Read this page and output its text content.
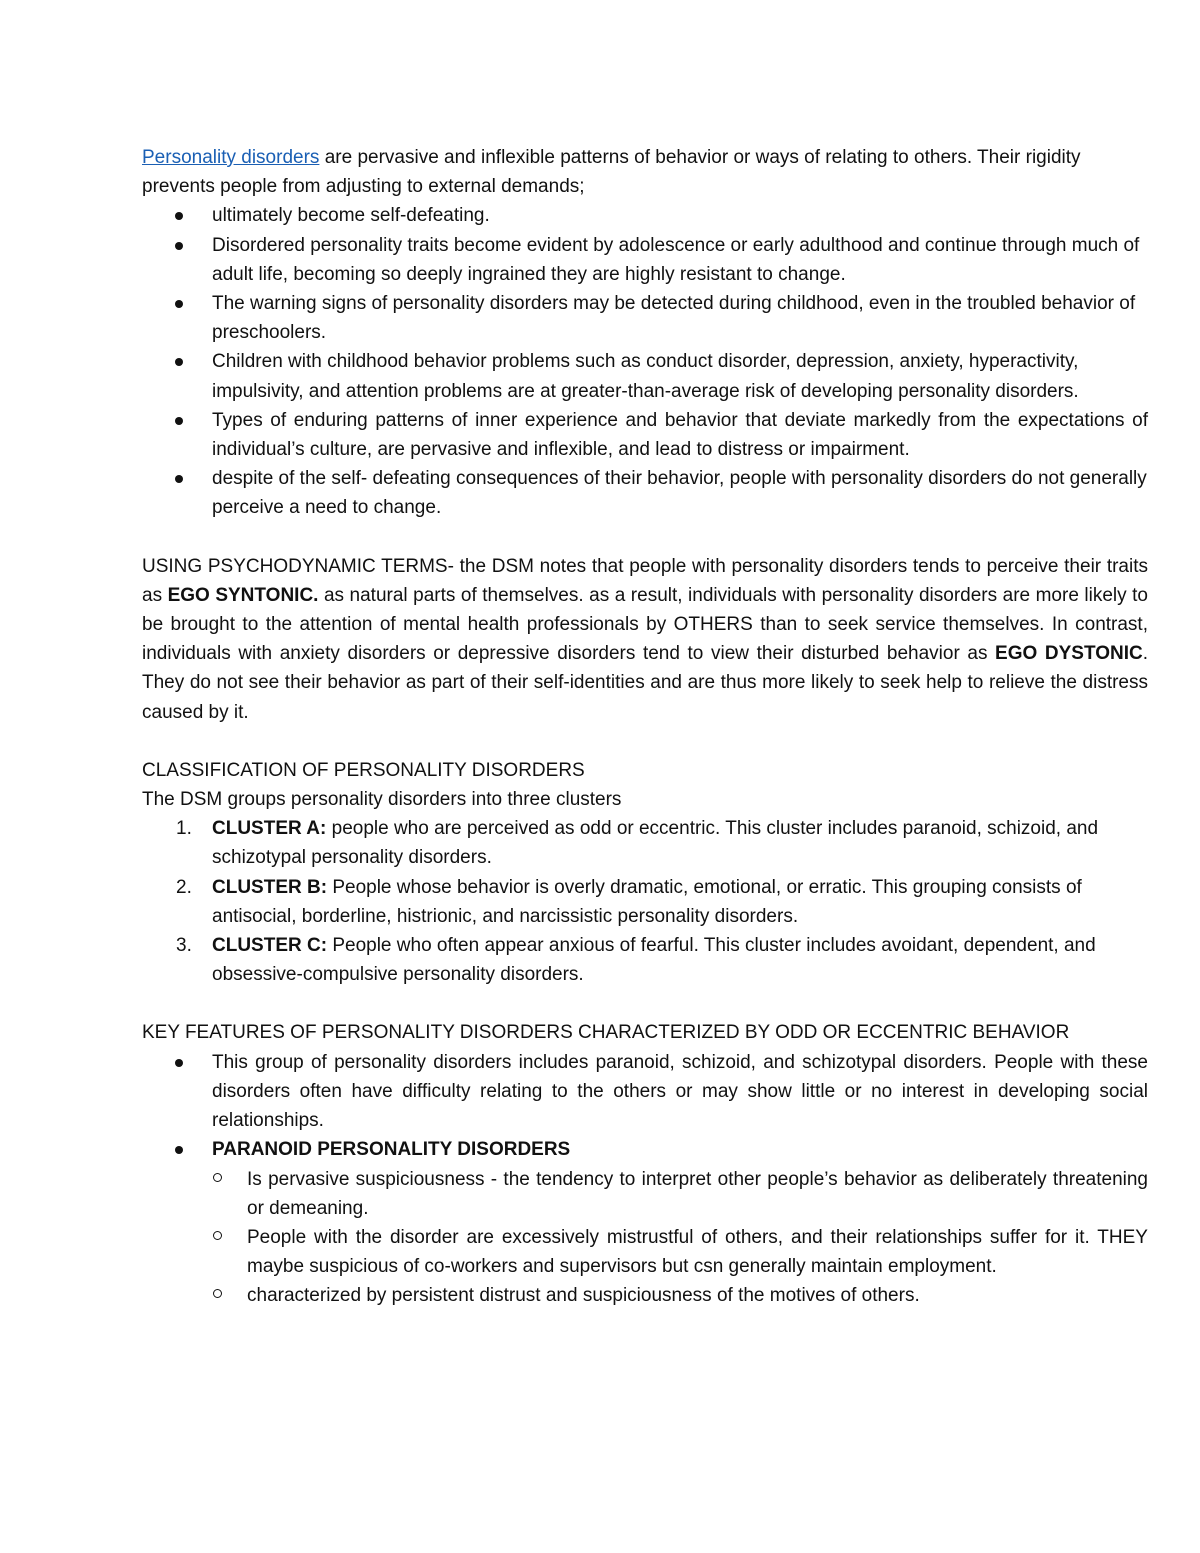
Personality disorders are pervasive and inflexible patterns of behavior or ways of relating to others. Their rigidity prevents people from adjusting to external demands;

ultimately become self-defeating.
Disordered personality traits become evident by adolescence or early adulthood and continue through much of adult life, becoming so deeply ingrained they are highly resistant to change.
The warning signs of personality disorders may be detected during childhood, even in the troubled behavior of preschoolers.
Children with childhood behavior problems such as conduct disorder, depression, anxiety, hyperactivity, impulsivity, and attention problems are at greater-than-average risk of developing personality disorders.
Types of enduring patterns of inner experience and behavior that deviate markedly from the expectations of individual’s culture, are pervasive and inflexible, and lead to distress or impairment.
despite of the self- defeating consequences of their behavior, people with personality disorders do not generally perceive a need to change.

USING PSYCHODYNAMIC TERMS- the DSM notes that people with personality disorders tends to perceive their traits as EGO SYNTONIC. as natural parts of themselves. as a result, individuals with personality disorders are more likely to be brought to the attention of mental health professionals by OTHERS than to seek service themselves. In contrast, individuals with anxiety disorders or depressive disorders tend to view their disturbed behavior as EGO DYSTONIC. They do not see their behavior as part of their self-identities and are thus more likely to seek help to relieve the distress caused by it.

CLASSIFICATION OF PERSONALITY DISORDERS

The DSM groups personality disorders into three clusters

1.	CLUSTER A: people who are perceived as odd or eccentric. This cluster includes paranoid, schizoid, and schizotypal personality disorders.
2.	CLUSTER B: People whose behavior is overly dramatic, emotional, or erratic. This grouping consists of antisocial, borderline, histrionic, and narcissistic personality disorders.
3.	CLUSTER C: People who often appear anxious of fearful. This cluster includes avoidant, dependent, and obsessive-compulsive personality disorders.

KEY FEATURES OF PERSONALITY DISORDERS CHARACTERIZED BY ODD OR ECCENTRIC BEHAVIOR

This group of personality disorders includes paranoid, schizoid, and schizotypal disorders. People with these disorders often have difficulty relating to the others or may show little or no interest in developing social relationships.
PARANOID PERSONALITY DISORDERS
Is pervasive suspiciousness - the tendency to interpret other people’s behavior as deliberately threatening or demeaning.
People with the disorder are excessively mistrustful of others, and their relationships suffer for it. THEY maybe suspicious of co-workers and supervisors but csn generally maintain employment.
characterized by persistent distrust and suspiciousness of the motives of others.
